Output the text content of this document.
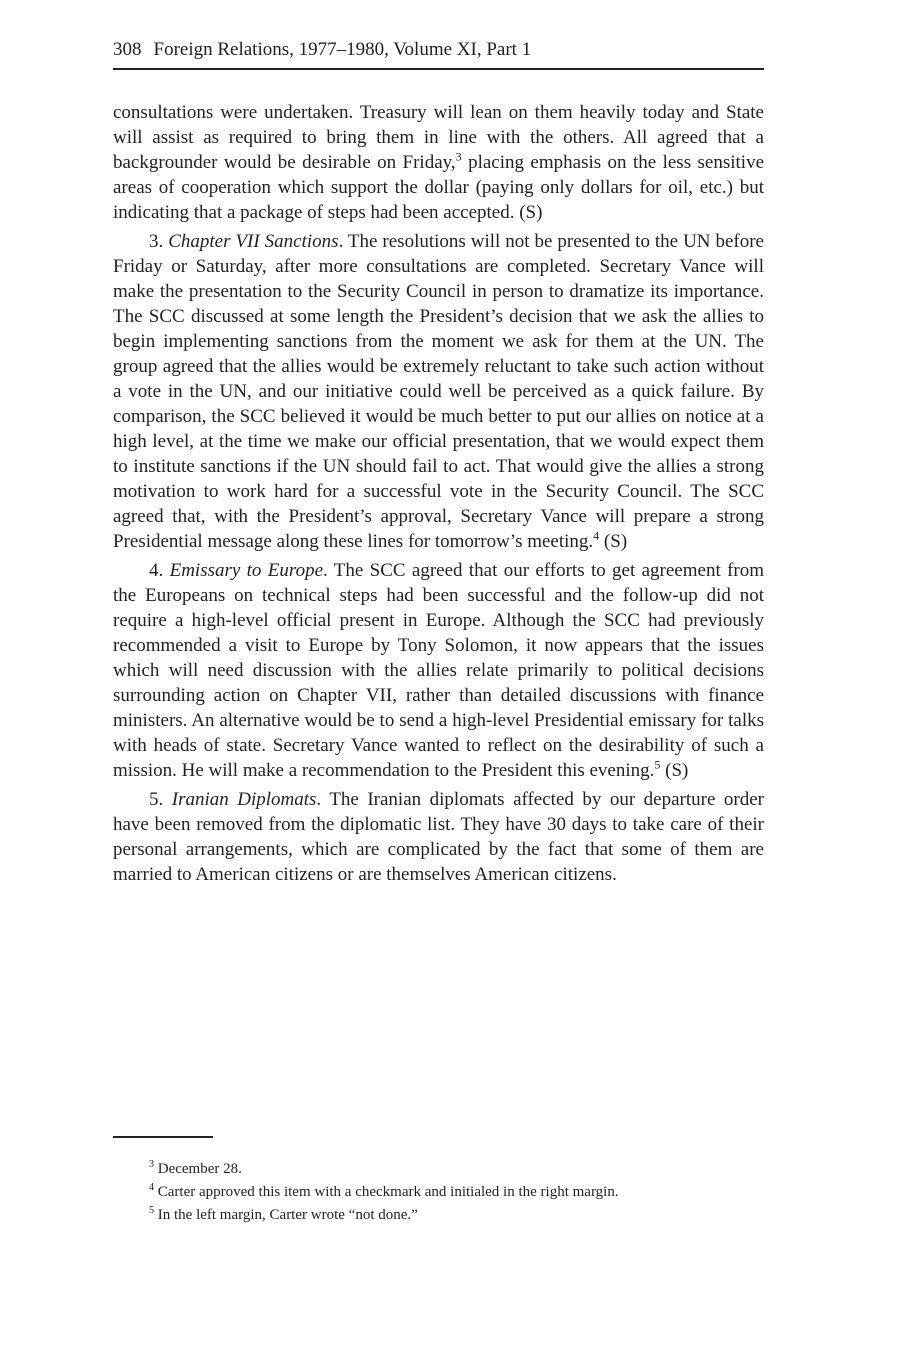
308 Foreign Relations, 1977–1980, Volume XI, Part 1

consultations were undertaken. Treasury will lean on them heavily today and State will assist as required to bring them in line with the others. All agreed that a backgrounder would be desirable on Friday,$^3$ placing emphasis on the less sensitive areas of cooperation which support the dollar (paying only dollars for oil, etc.) but indicating that a package of steps had been accepted. (S)

3. Chapter VII Sanctions. The resolutions will not be presented to the UN before Friday or Saturday, after more consultations are completed. Secretary Vance will make the presentation to the Security Council in person to dramatize its importance. The SCC discussed at some length the President’s decision that we ask the allies to begin implementing sanctions from the moment we ask for them at the UN. The group agreed that the allies would be extremely reluctant to take such action without a vote in the UN, and our initiative could well be perceived as a quick failure. By comparison, the SCC believed it would be much better to put our allies on notice at a high level, at the time we make our official presentation, that we would expect them to institute sanctions if the UN should fail to act. That would give the allies a strong motivation to work hard for a successful vote in the Security Council. The SCC agreed that, with the President’s approval, Secretary Vance will prepare a strong Presidential message along these lines for tomorrow’s meeting.$^4$ (S)

4. Emissary to Europe. The SCC agreed that our efforts to get agreement from the Europeans on technical steps had been successful and the follow-up did not require a high-level official present in Europe. Although the SCC had previously recommended a visit to Europe by Tony Solomon, it now appears that the issues which will need discussion with the allies relate primarily to political decisions surrounding action on Chapter VII, rather than detailed discussions with finance ministers. An alternative would be to send a high-level Presidential emissary for talks with heads of state. Secretary Vance wanted to reflect on the desirability of such a mission. He will make a recommendation to the President this evening.$^5$ (S)

5. Iranian Diplomats. The Iranian diplomats affected by our departure order have been removed from the diplomatic list. They have 30 days to take care of their personal arrangements, which are complicated by the fact that some of them are married to American citizens or are themselves American citizens.

$^3$ December 28.

$^4$ Carter approved this item with a checkmark and initialed in the right margin.

$^5$ In the left margin, Carter wrote “not done.”
